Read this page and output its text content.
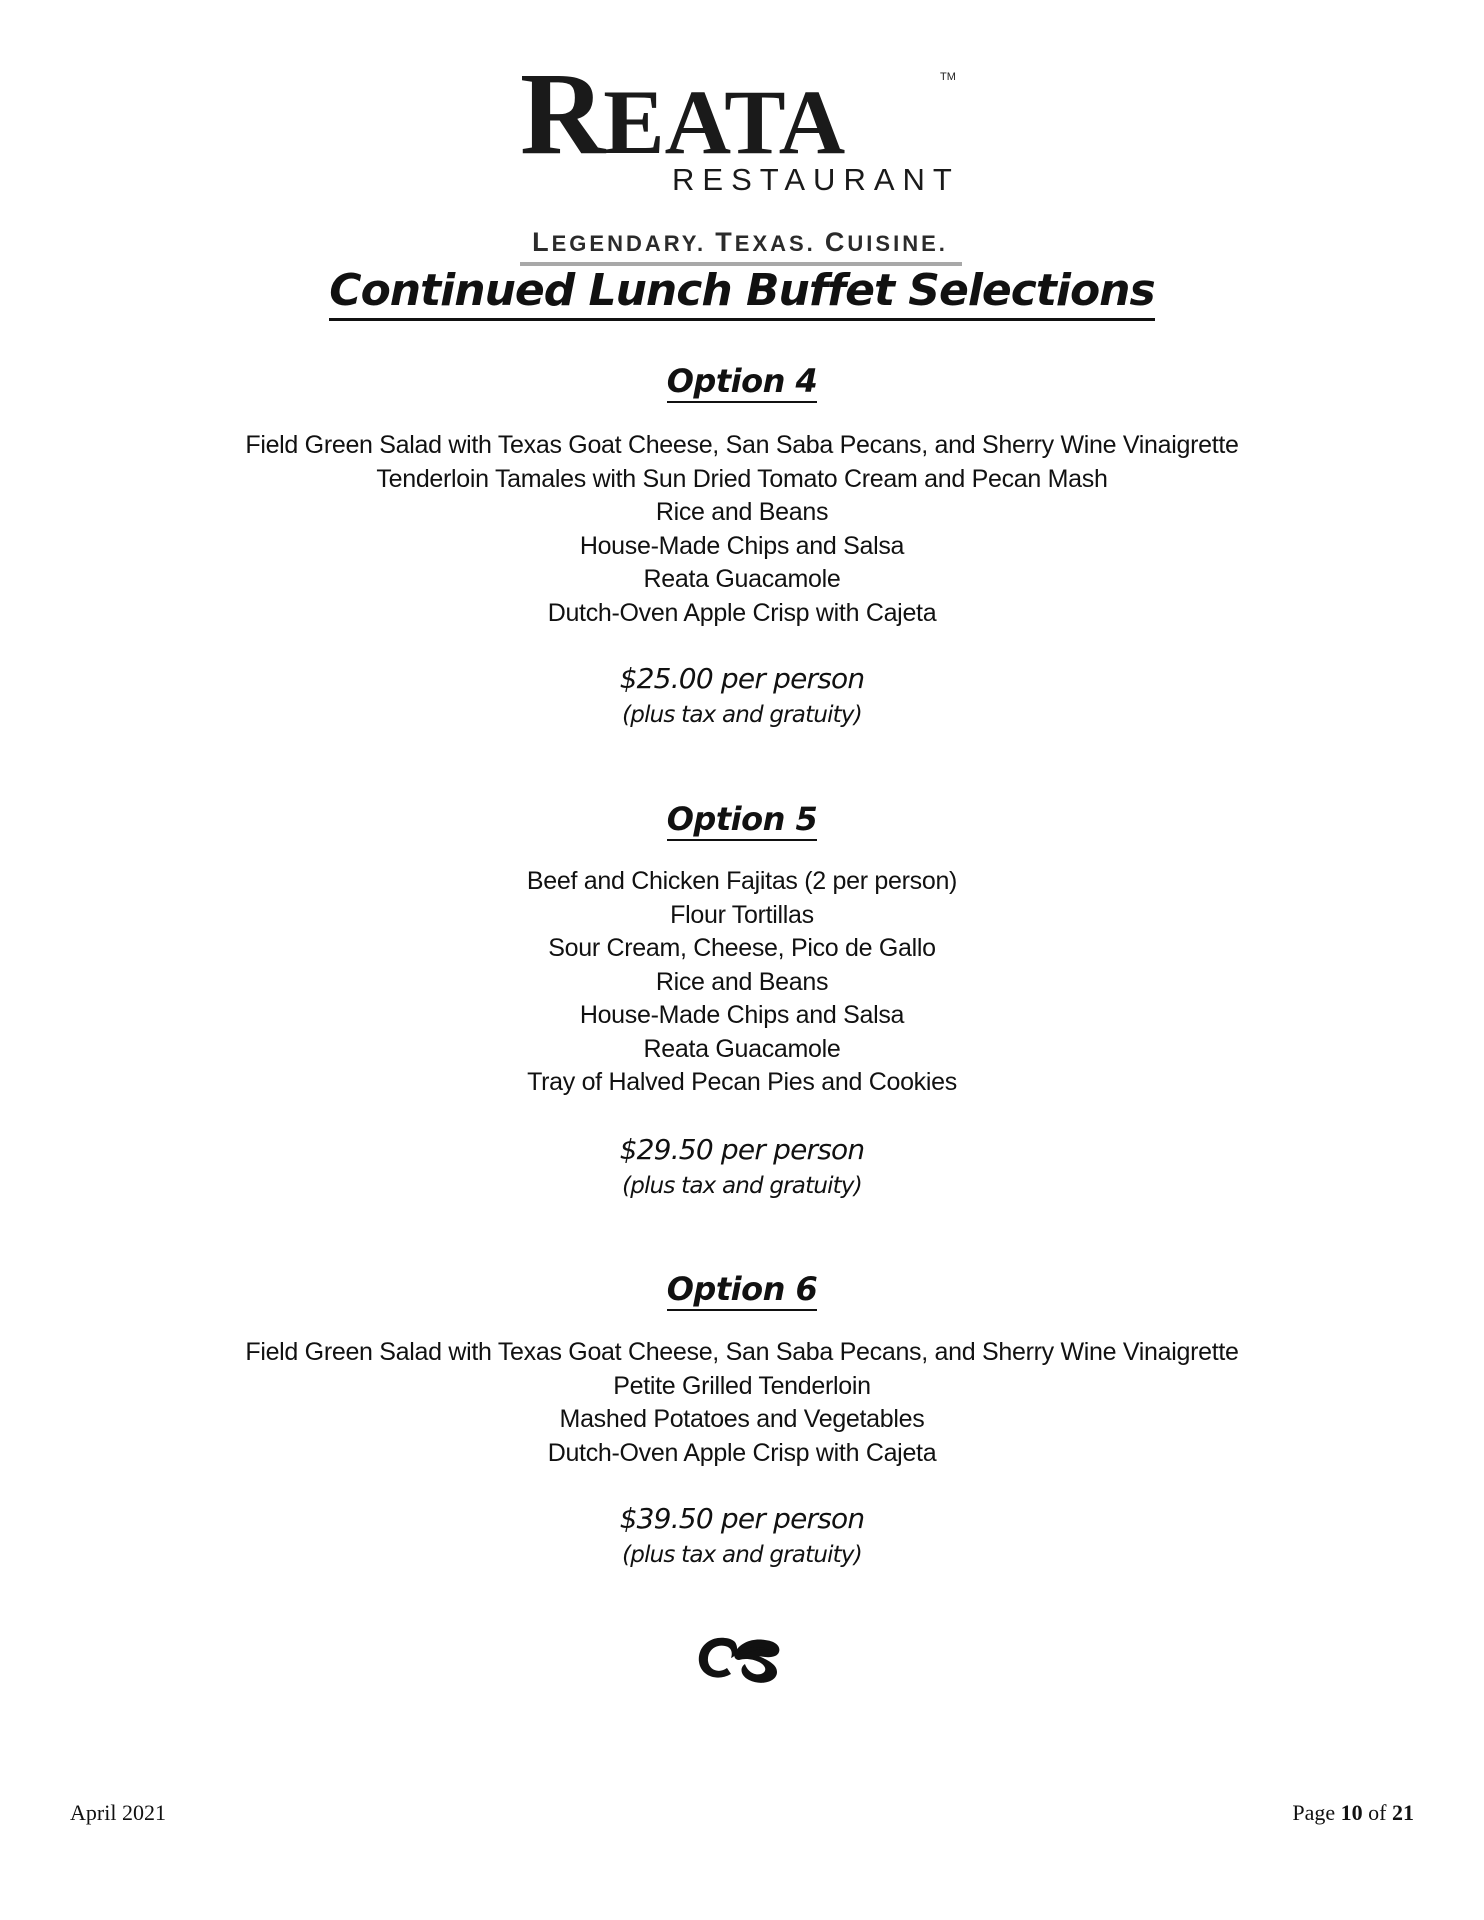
REATA	TM
RESTAURANT
LEGENDARY. TEXAS. CUISINE.
Continued Lunch Buffet Selections
Option 4
Field Green Salad with Texas Goat Cheese, San Saba Pecans, and Sherry Wine Vinaigrette
Tenderloin Tamales with Sun Dried Tomato Cream and Pecan Mash
Rice and Beans
House-Made Chips and Salsa
Reata Guacamole
Dutch-Oven Apple Crisp with Cajeta
$25.00 per person
(plus tax and gratuity)
Option 5
Beef and Chicken Fajitas (2 per person)
Flour Tortillas
Sour Cream, Cheese, Pico de Gallo
Rice and Beans
House-Made Chips and Salsa
Reata Guacamole
Tray of Halved Pecan Pies and Cookies
$29.50 per person
(plus tax and gratuity)
Option 6
Field Green Salad with Texas Goat Cheese, San Saba Pecans, and Sherry Wine Vinaigrette
Petite Grilled Tenderloin
Mashed Potatoes and Vegetables
Dutch-Oven Apple Crisp with Cajeta
$39.50 per person
(plus tax and gratuity)
April 2021	Page 10 of 21
